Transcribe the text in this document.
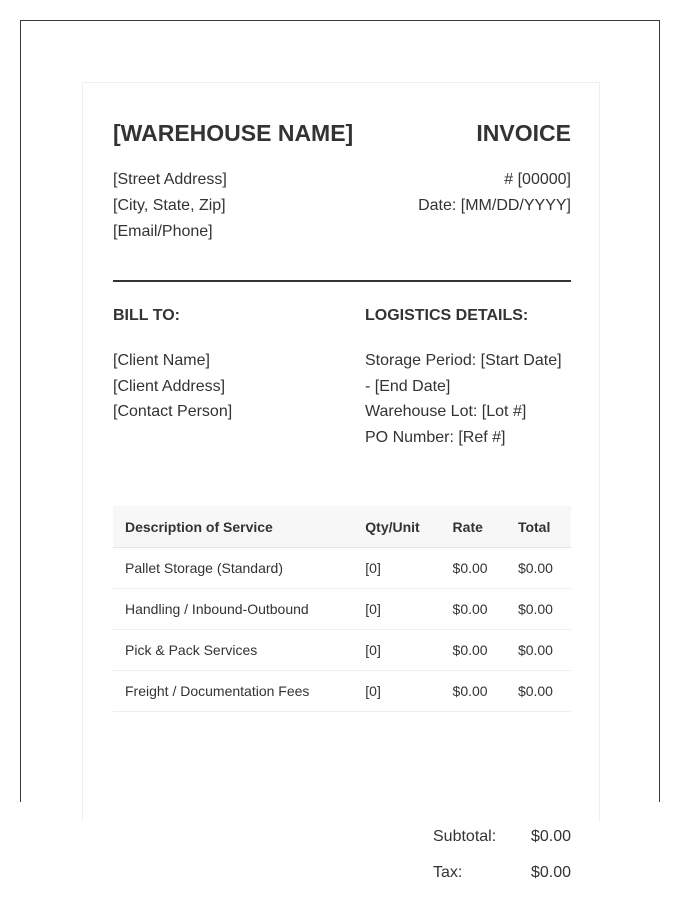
[WAREHOUSE NAME]	INVOICE
[Street Address]
[City, State, Zip]
[Email/Phone]
# [00000]
Date: [MM/DD/YYYY]
BILL TO:
[Client Name]
[Client Address]
[Contact Person]
LOGISTICS DETAILS:
Storage Period: [Start Date]
- [End Date]
Warehouse Lot: [Lot #]
PO Number: [Ref #]
Description of Service	Qty/Unit	Rate	Total
Pallet Storage (Standard)	[0]	$0.00	$0.00
Handling / Inbound-Outbound	[0]	$0.00	$0.00
Pick & Pack Services	[0]	$0.00	$0.00
Freight / Documentation Fees	[0]	$0.00	$0.00
Subtotal: $0.00
Tax:	$0.00
